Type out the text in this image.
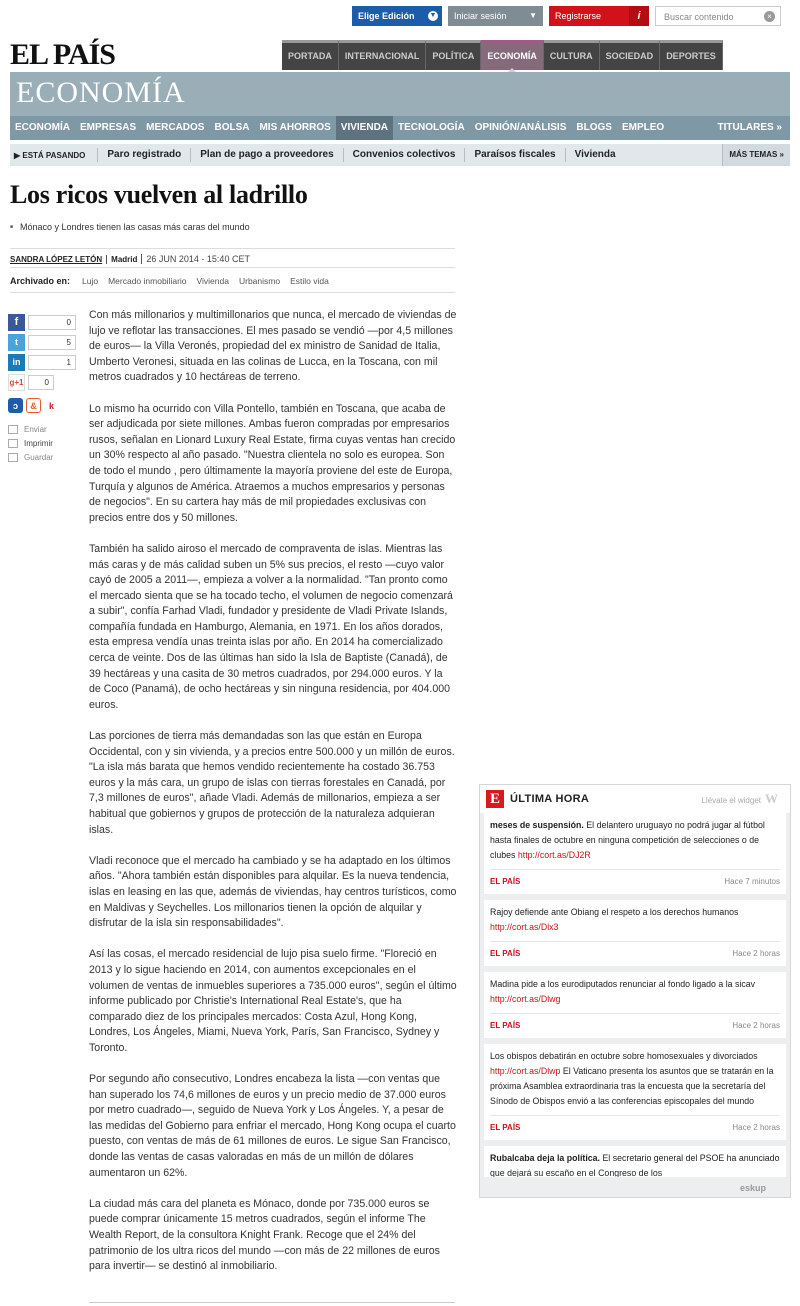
Elige Edición ▼	Iniciar sesión	▼	Registrarse	i	Buscar contenido	×
EL PAÍS	PORTADA	INTERNACIONAL	POLÍTICA	ECONOMÍA	CULTURA	SOCIEDAD	DEPORTES
ECONOMÍA
ECONOMÍA	EMPRESAS	MERCADOS	BOLSA	MIS AHORROS	VIVIENDA	TECNOLOGÍA	OPINIÓN/ANÁLISIS	BLOGS	EMPLEO	TITULARES »
▶ ESTÁ PASANDO	Paro registrado	Plan de pago a proveedores	Convenios colectivos	Paraísos fiscales	Vivienda	MÁS TEMAS »
Los ricos vuelven al ladrillo
■ Mónaco y Londres tienen las casas más caras del mundo
SANDRA LÓPEZ LETÓN Madrid 26 JUN 2014 - 15:40 CET
Archivado en: Lujo Mercado inmobiliario Vivienda Urbanismo Estilo vida
f	0
t	5
in	1
g+1	0
ↄ	&	k
Enviar
Imprimir
Guardar

Con más millonarios y multimillonarios que nunca, el mercado de viviendas de lujo ve reflotar las transacciones. El mes pasado se vendió —por 4,5 millones de euros— la Villa Veronés, propiedad del ex ministro de Sanidad de Italia, Umberto Veronesi, situada en las colinas de Lucca, en la Toscana, con mil metros cuadrados y 10 hectáreas de terreno.

Lo mismo ha ocurrido con Villa Pontello, también en Toscana, que acaba de ser adjudicada por siete millones. Ambas fueron compradas por empresarios rusos, señalan en Lionard Luxury Real Estate, firma cuyas ventas han crecido un 30% respecto al año pasado. "Nuestra clientela no solo es europea. Son de todo el mundo , pero últimamente la mayoría proviene del este de Europa, Turquía y algunos de América. Atraemos a muchos empresarios y personas de negocios". En su cartera hay más de mil propiedades exclusivas con precios entre dos y 50 millones.

También ha salido airoso el mercado de compraventa de islas. Mientras las más caras y de más calidad suben un 5% sus precios, el resto —cuyo valor cayó de 2005 a 2011—, empieza a volver a la normalidad. "Tan pronto como el mercado sienta que se ha tocado techo, el volumen de negocio comenzará a subir", confía Farhad Vladi, fundador y presidente de Vladi Private Islands, compañía fundada en Hamburgo, Alemania, en 1971. En los años dorados, esta empresa vendía unas treinta islas por año. En 2014 ha comercializado cerca de veinte. Dos de las últimas han sido la Isla de Baptiste (Canadá), de 39 hectáreas y una casita de 30 metros cuadrados, por 294.000 euros. Y la de Coco (Panamá), de ocho hectáreas y sin ninguna residencia, por 404.000 euros.

Las porciones de tierra más demandadas son las que están en Europa Occidental, con y sin vivienda, y a precios entre 500.000 y un millón de euros. "La isla más barata que hemos vendido recientemente ha costado 36.753 euros y la más cara, un grupo de islas con tierras forestales en Canadá, por 7,3 millones de euros", añade Vladi. Además de millonarios, empieza a ser habitual que gobiernos y grupos de protección de la naturaleza adquieran islas.

Vladi reconoce que el mercado ha cambiado y se ha adaptado en los últimos años. "Ahora también están disponibles para alquilar. Es la nueva tendencia, islas en leasing en las que, además de viviendas, hay centros turísticos, como en Maldivas y Seychelles. Los millonarios tienen la opción de alquilar y disfrutar de la isla sin responsabilidades".

Así las cosas, el mercado residencial de lujo pisa suelo firme. "Floreció en 2013 y lo sigue haciendo en 2014, con aumentos excepcionales en el volumen de ventas de inmuebles superiores a 735.000 euros", según el último informe publicado por Christie's International Real Estate's, que ha comparado diez de los principales mercados: Costa Azul, Hong Kong, Londres, Los Ángeles, Miami, Nueva York, París, San Francisco, Sydney y Toronto.

Por segundo año consecutivo, Londres encabeza la lista —con ventas que han superado los 74,6 millones de euros y un precio medio de 37.000 euros por metro cuadrado—, seguido de Nueva York y Los Ángeles. Y, a pesar de las medidas del Gobierno para enfriar el mercado, Hong Kong ocupa el cuarto puesto, con ventas de más de 61 millones de euros. Le sigue San Francisco, donde las ventas de casas valoradas en más de un millón de dólares aumentaron un 62%.

La ciudad más cara del planeta es Mónaco, donde por 735.000 euros se puede comprar únicamente 15 metros cuadrados, según el informe The Wealth Report, de la consultora Knight Frank. Recoge que el 24% del patrimonio de los ultra ricos del mundo —con más de 22 millones de euros para invertir— se destinó al inmobiliario.

E ÚLTIMA HORA	Llévate el widget W
meses de suspensión. El delantero uruguayo no podrá jugar al fútbol hasta finales de octubre en ninguna competición de selecciones o de clubes http://cort.as/DJ2R
EL PAÍS	Hace 7 minutos
Rajoy defiende ante Obiang el respeto a los derechos humanos http://cort.as/Dlx3
EL PAÍS	Hace 2 horas
Madina pide a los eurodiputados renunciar al fondo ligado a la sicav http://cort.as/Dlwg
EL PAÍS	Hace 2 horas
Los obispos debatirán en octubre sobre homosexuales y divorciados http://cort.as/Dlwp El Vaticano presenta los asuntos que se tratarán en la próxima Asamblea extraordinaria tras la encuesta que la secretaría del Sínodo de Obispos envió a las conferencias episcopales del mundo
EL PAÍS	Hace 2 horas
Rubalcaba deja la política. El secretario general del PSOE ha anunciado que dejará su escaño en el Congreso de los
eskup
